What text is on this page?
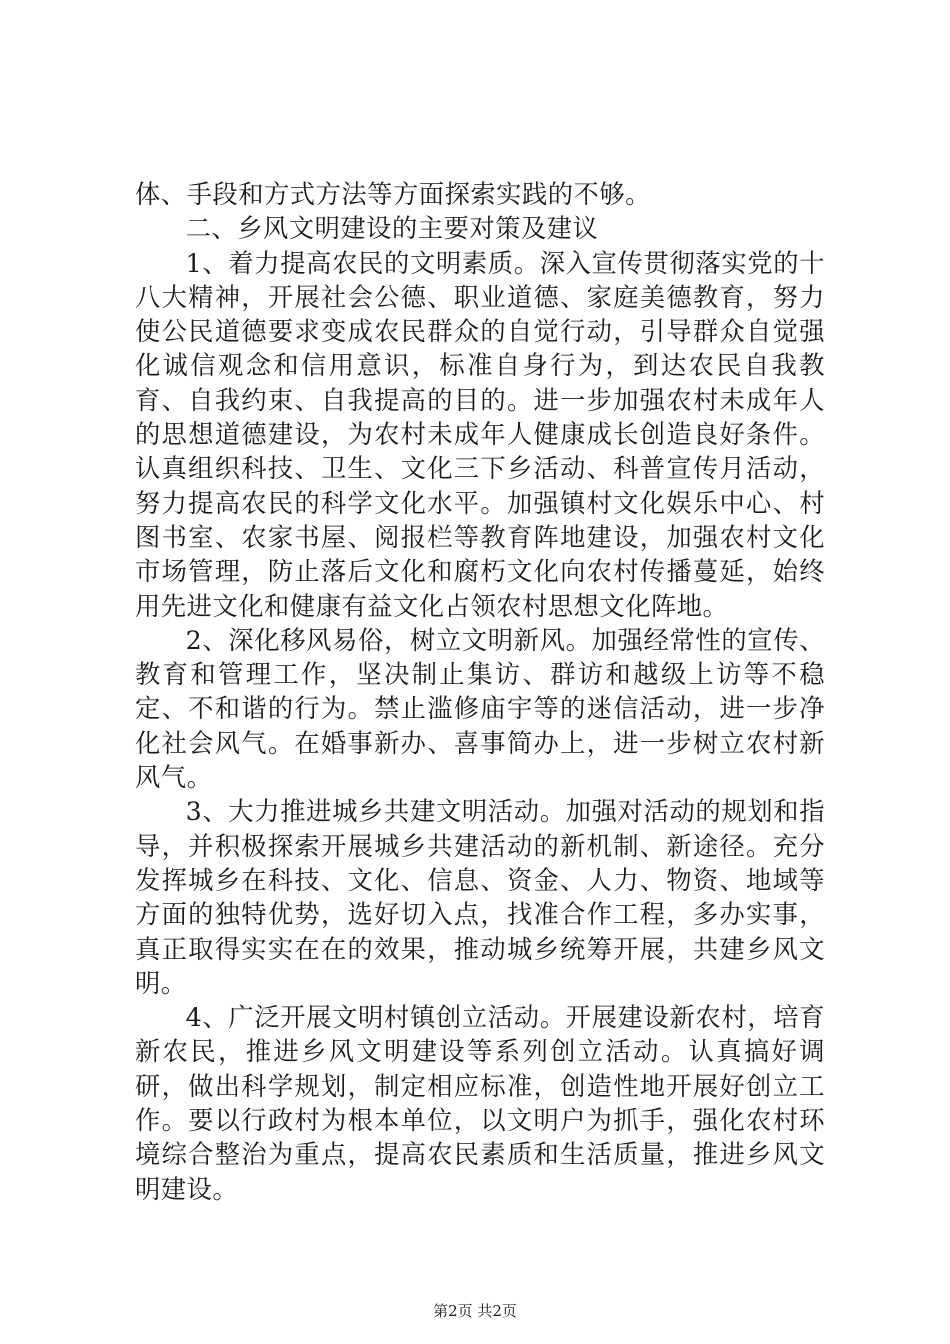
体、手段和方式方法等方面探索实践的不够。

二、乡风文明建设的主要对策及建议

1、着力提高农民的文明素质。深入宣传贯彻落实党的十八大精神，开展社会公德、职业道德、家庭美德教育，努力使公民道德要求变成农民群众的自觉行动，引导群众自觉强化诚信观念和信用意识，标准自身行为，到达农民自我教育、自我约束、自我提高的目的。进一步加强农村未成年人的思想道德建设，为农村未成年人健康成长创造良好条件。认真组织科技、卫生、文化三下乡活动、科普宣传月活动，努力提高农民的科学文化水平。加强镇村文化娱乐中心、村图书室、农家书屋、阅报栏等教育阵地建设，加强农村文化市场管理，防止落后文化和腐朽文化向农村传播蔓延，始终用先进文化和健康有益文化占领农村思想文化阵地。

2、深化移风易俗，树立文明新风。加强经常性的宣传、教育和管理工作，坚决制止集访、群访和越级上访等不稳定、不和谐的行为。禁止滥修庙宇等的迷信活动，进一步净化社会风气。在婚事新办、喜事简办上，进一步树立农村新风气。

3、大力推进城乡共建文明活动。加强对活动的规划和指导，并积极探索开展城乡共建活动的新机制、新途径。充分发挥城乡在科技、文化、信息、资金、人力、物资、地域等方面的独特优势，选好切入点，找准合作工程，多办实事，真正取得实实在在的效果，推动城乡统筹开展，共建乡风文明。

4、广泛开展文明村镇创立活动。开展建设新农村，培育新农民，推进乡风文明建设等系列创立活动。认真搞好调研，做出科学规划，制定相应标准，创造性地开展好创立工作。要以行政村为根本单位，以文明户为抓手，强化农村环境综合整治为重点，提高农民素质和生活质量，推进乡风文明建设。

第2页 共2页
